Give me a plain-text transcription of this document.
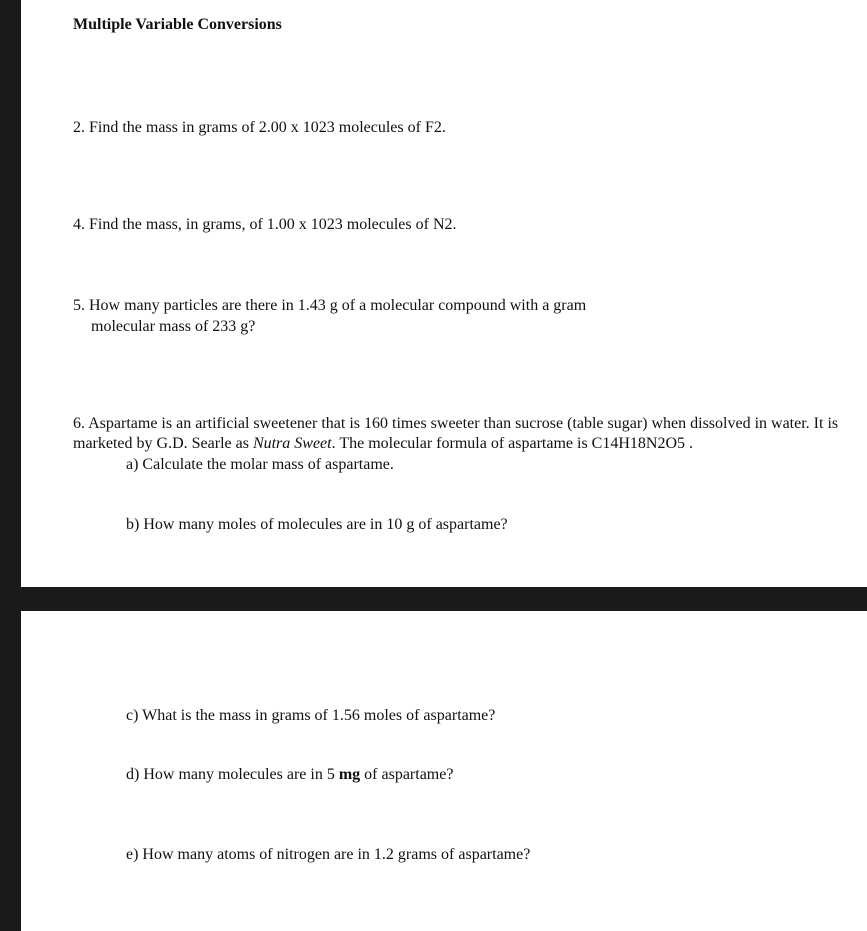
Multiple Variable Conversions
2. Find the mass in grams of 2.00 x 1023 molecules of F2.
4. Find the mass, in grams, of 1.00 x 1023 molecules of N2.
5. How many particles are there in 1.43 g of a molecular compound with a gram
molecular mass of 233 g?
6. Aspartame is an artificial sweetener that is 160 times sweeter than sucrose (table sugar) when dissolved in water. It is marketed by G.D. Searle as Nutra Sweet. The molecular formula of aspartame is C14H18N2O5 .
a) Calculate the molar mass of aspartame.
b) How many moles of molecules are in 10 g of aspartame?
c) What is the mass in grams of 1.56 moles of aspartame?
d) How many molecules are in 5 mg of aspartame?
e) How many atoms of nitrogen are in 1.2 grams of aspartame?
